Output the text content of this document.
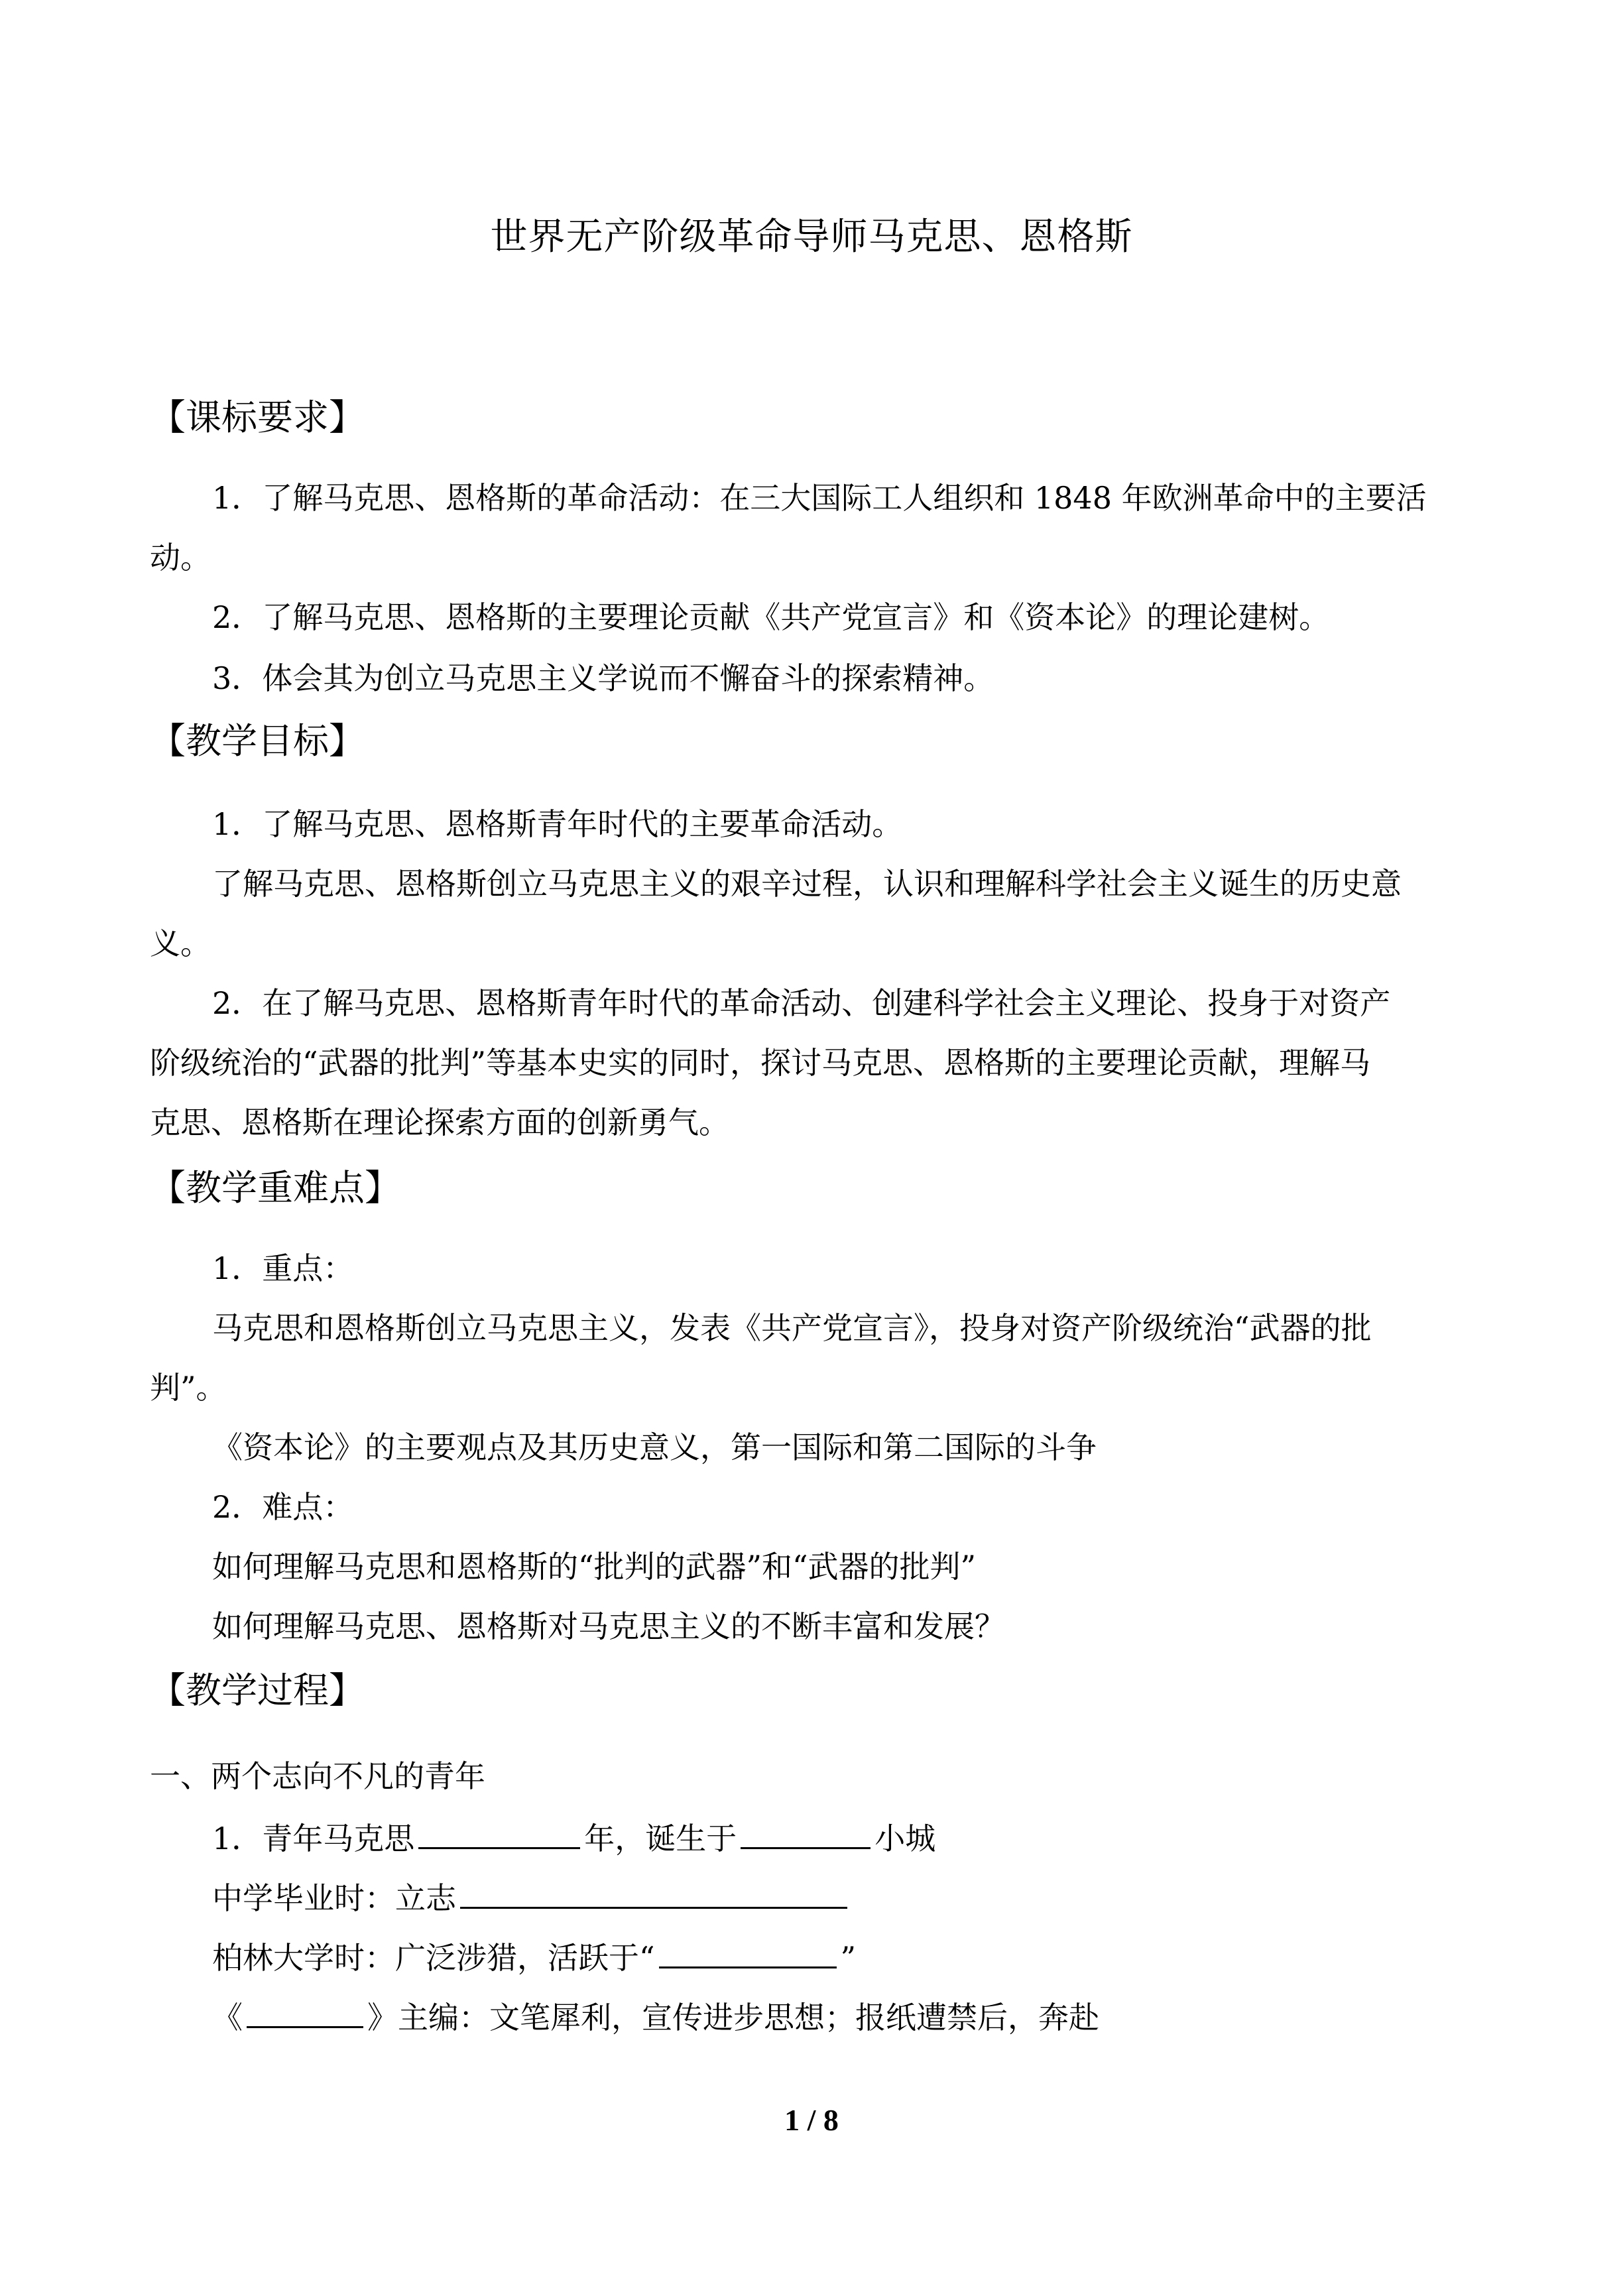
世界无产阶级革命导师马克思、恩格斯
【课标要求】
1．了解马克思、恩格斯的革命活动：在三大国际工人组织和 1848 年欧洲革命中的主要活
动。
2．了解马克思、恩格斯的主要理论贡献《共产党宣言》和《资本论》的理论建树。
3．体会其为创立马克思主义学说而不懈奋斗的探索精神。
【教学目标】
1．了解马克思、恩格斯青年时代的主要革命活动。
了解马克思、恩格斯创立马克思主义的艰辛过程，认识和理解科学社会主义诞生的历史意
义。
2．在了解马克思、恩格斯青年时代的革命活动、创建科学社会主义理论、投身于对资产
阶级统治的“武器的批判”等基本史实的同时，探讨马克思、恩格斯的主要理论贡献，理解马
克思、恩格斯在理论探索方面的创新勇气。
【教学重难点】
1．重点：
马克思和恩格斯创立马克思主义，发表《共产党宣言》，投身对资产阶级统治“武器的批
判”。
《资本论》的主要观点及其历史意义，第一国际和第二国际的斗争
2．难点：
如何理解马克思和恩格斯的“批判的武器”和“武器的批判”
如何理解马克思、恩格斯对马克思主义的不断丰富和发展？
【教学过程】
一、两个志向不凡的青年
1．青年马克思	年，诞生于	小城
中学毕业时：立志
柏林大学时：广泛涉猎，活跃于“	”
《	》主编：文笔犀利，宣传进步思想；报纸遭禁后，奔赴
1 / 8
